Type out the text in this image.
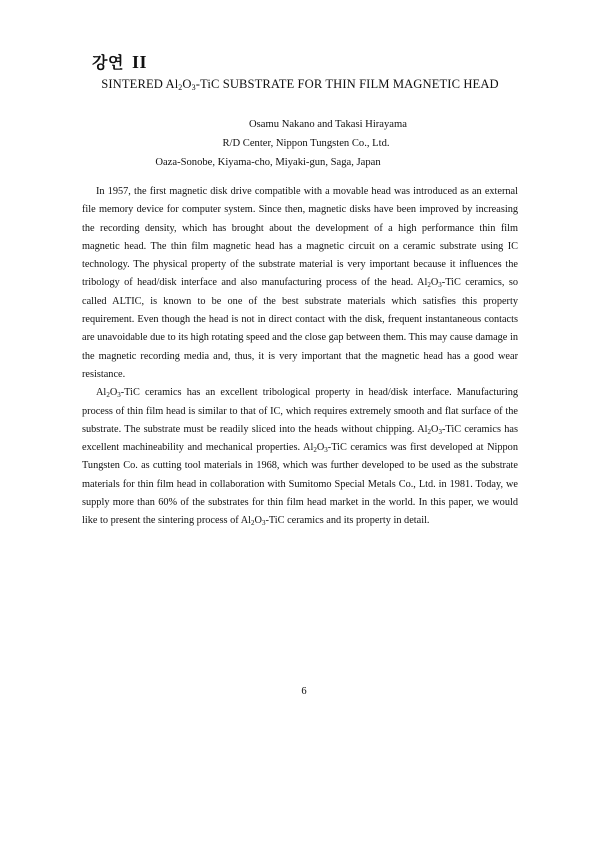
강연 II
SINTERED $Al_2O_3$-TiC SUBSTRATE FOR THIN FILM MAGNETIC HEAD
Osamu Nakano and Takasi Hirayama
R/D Center, Nippon Tungsten Co., Ltd.
Oaza-Sonobe, Kiyama-cho, Miyaki-gun, Saga, Japan

In 1957, the first magnetic disk drive compatible with a movable head was introduced as an external file memory device for computer system. Since then, magnetic disks have been improved by increasing the recording density, which has brought about the development of a high performance thin film magnetic head. The thin film magnetic head has a magnetic circuit on a ceramic substrate using IC technology. The physical property of the substrate material is very important because it influences the tribology of head/disk interface and also manufacturing process of the head. $Al_2O_3$-TiC ceramics, so called ALTIC, is known to be one of the best substrate materials which satisfies this property requirement. Even though the head is not in direct contact with the disk, frequent instantaneous contacts are unavoidable due to its high rotating speed and the close gap between them. This may cause damage in the magnetic recording media and, thus, it is very important that the magnetic head has a good wear resistance.

$Al_2O_3$-TiC ceramics has an excellent tribological property in head/disk interface. Manufacturing process of thin film head is similar to that of IC, which requires extremely smooth and flat surface of the substrate. The substrate must be readily sliced into the heads without chipping. $Al_2O_3$-TiC ceramics has excellent machineability and mechanical properties. $Al_2O_3$-TiC ceramics was first developed at Nippon Tungsten Co. as cutting tool materials in 1968, which was further developed to be used as the substrate materials for thin film head in collaboration with Sumitomo Special Metals Co., Ltd. in 1981. Today, we supply more than 60% of the substrates for thin film head market in the world. In this paper, we would like to present the sintering process of $Al_2O_3$-TiC ceramics and its property in detail.

6
